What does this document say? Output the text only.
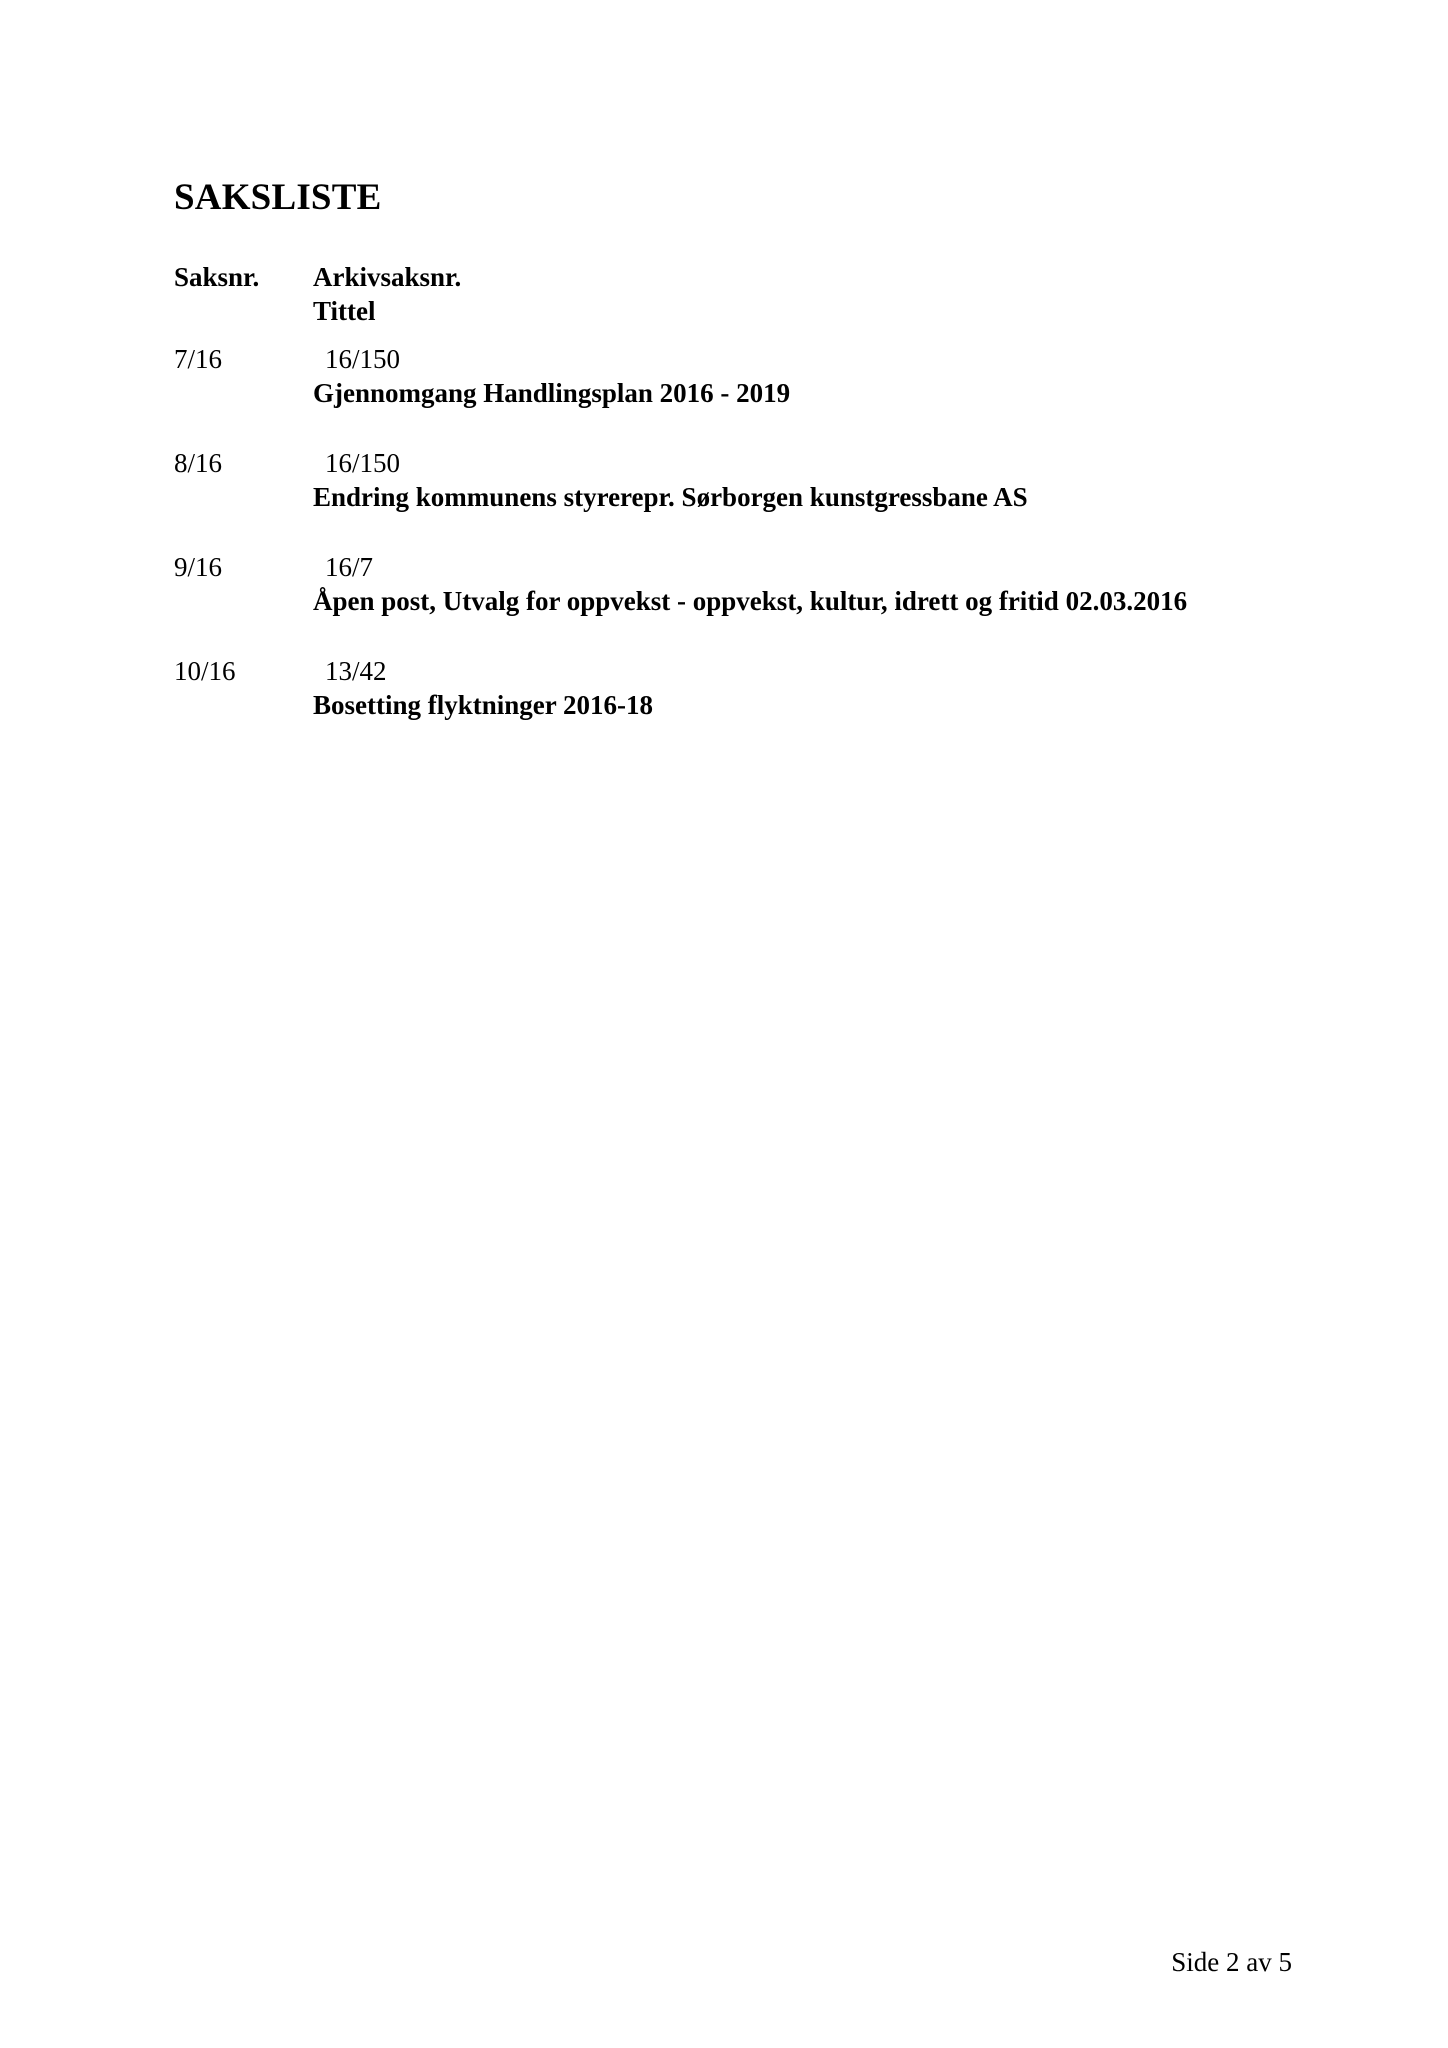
SAKSLISTE
Saksnr. Arkivsaksnr.
Tittel
7/16	16/150
Gjennomgang Handlingsplan 2016 - 2019
8/16	16/150
Endring kommunens styrerepr. Sørborgen kunstgressbane AS
9/16	16/7
Åpen post, Utvalg for oppvekst - oppvekst, kultur, idrett og fritid 02.03.2016
10/16	13/42
Bosetting flyktninger 2016-18
Side 2 av 5
